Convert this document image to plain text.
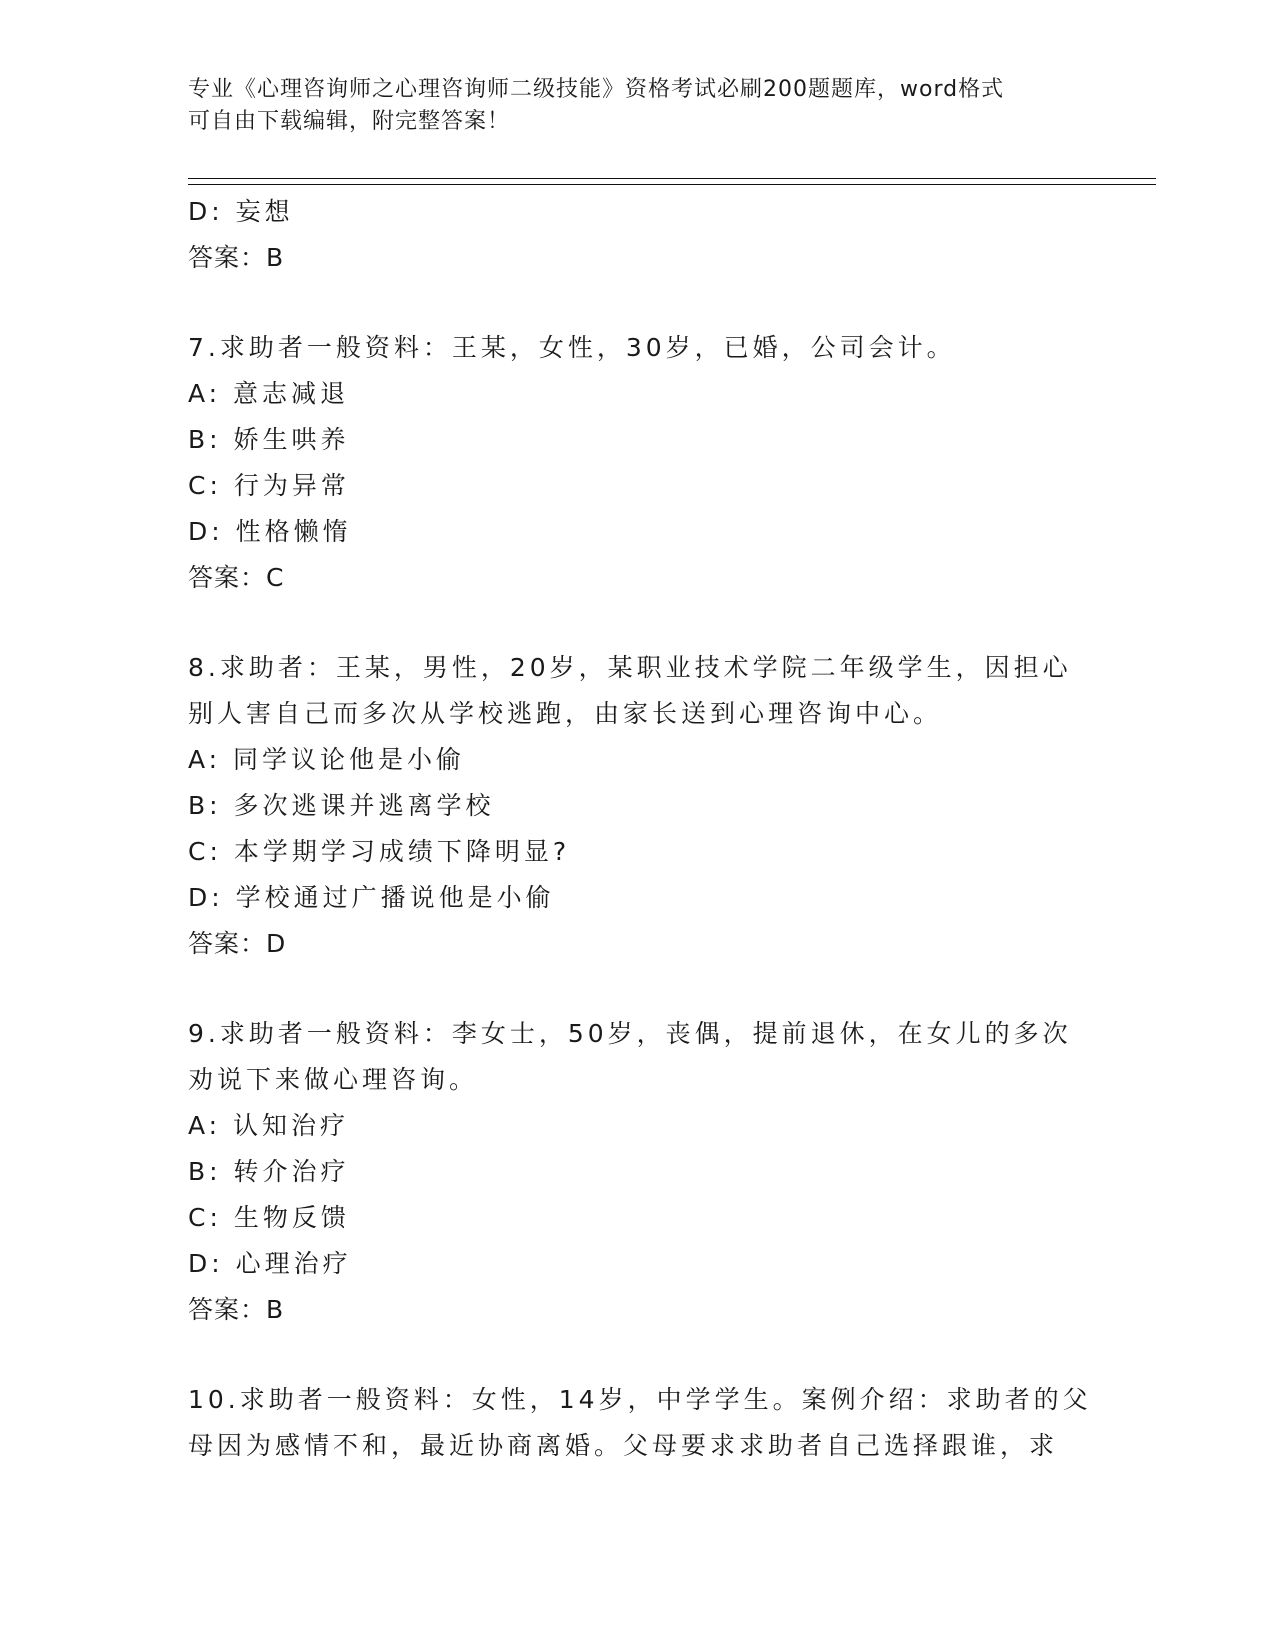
专业《心理咨询师之心理咨询师二级技能》资格考试必刷200题题库，word格式
可自由下载编辑，附完整答案！
D: 妄想
答案：B
7.求助者一般资料：王某，女性，30岁，已婚，公司会计。
A: 意志减退
B: 娇生哄养
C: 行为异常
D: 性格懒惰
答案：C
8.求助者：王某，男性，20岁，某职业技术学院二年级学生，因担心
别人害自己而多次从学校逃跑，由家长送到心理咨询中心。
A: 同学议论他是小偷
B: 多次逃课并逃离学校
C: 本学期学习成绩下降明显?
D: 学校通过广播说他是小偷
答案：D
9.求助者一般资料：李女士，50岁，丧偶，提前退休，在女儿的多次
劝说下来做心理咨询。
A: 认知治疗
B: 转介治疗
C: 生物反馈
D: 心理治疗
答案：B
10.求助者一般资料：女性，14岁，中学学生。案例介绍：求助者的父
母因为感情不和，最近协商离婚。父母要求求助者自己选择跟谁，求
